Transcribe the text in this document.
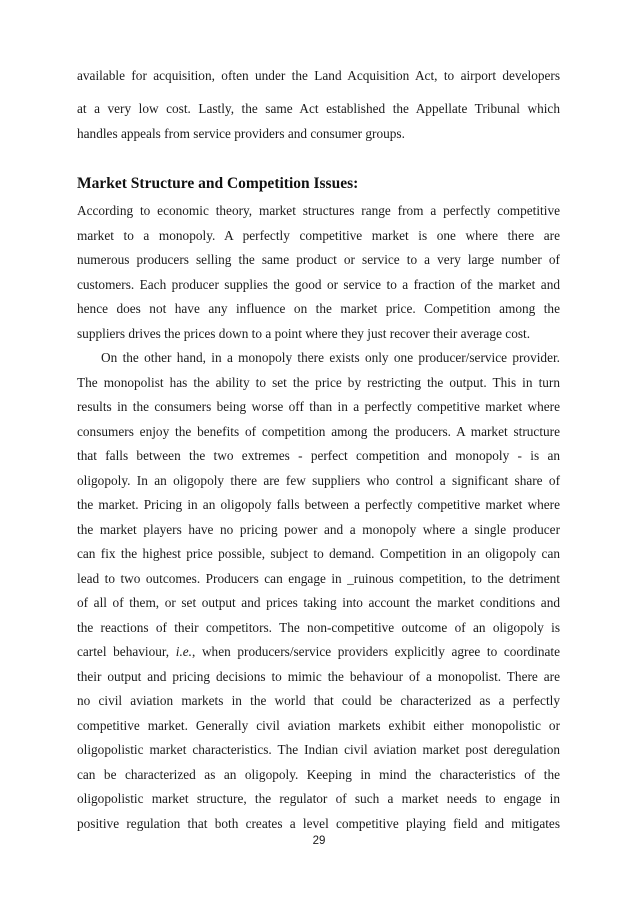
available for acquisition, often under the Land Acquisition Act, to airport developers
at a very low cost. Lastly, the same Act established the Appellate Tribunal which
handles appeals from service providers and consumer groups.
Market Structure and Competition Issues:
According to economic theory, market structures range from a perfectly competitive
market to a monopoly. A perfectly competitive market is one where there are
numerous producers selling the same product or service to a very large number of
customers. Each producer supplies the good or service to a fraction of the market and
hence does not have any influence on the market price. Competition among the
suppliers drives the prices down to a point where they just recover their average cost.
On the other hand, in a monopoly there exists only one producer/service provider.
The monopolist has the ability to set the price by restricting the output. This in turn
results in the consumers being worse off than in a perfectly competitive market where
consumers enjoy the benefits of competition among the producers. A market structure
that falls between the two extremes - perfect competition and monopoly - is an
oligopoly. In an oligopoly there are few suppliers who control a significant share of
the market. Pricing in an oligopoly falls between a perfectly competitive market where
the market players have no pricing power and a monopoly where a single producer
can fix the highest price possible, subject to demand. Competition in an oligopoly can
lead to two outcomes. Producers can engage in _ruinous competition, to the detriment
of all of them, or set output and prices taking into account the market conditions and
the reactions of their competitors. The non-competitive outcome of an oligopoly is
cartel behaviour, i.e., when producers/service providers explicitly agree to coordinate
their output and pricing decisions to mimic the behaviour of a monopolist. There are
no civil aviation markets in the world that could be characterized as a perfectly
competitive market. Generally civil aviation markets exhibit either monopolistic or
oligopolistic market characteristics. The Indian civil aviation market post deregulation
can be characterized as an oligopoly. Keeping in mind the characteristics of the
oligopolistic market structure, the regulator of such a market needs to engage in
positive regulation that both creates a level competitive playing field and mitigates
29
